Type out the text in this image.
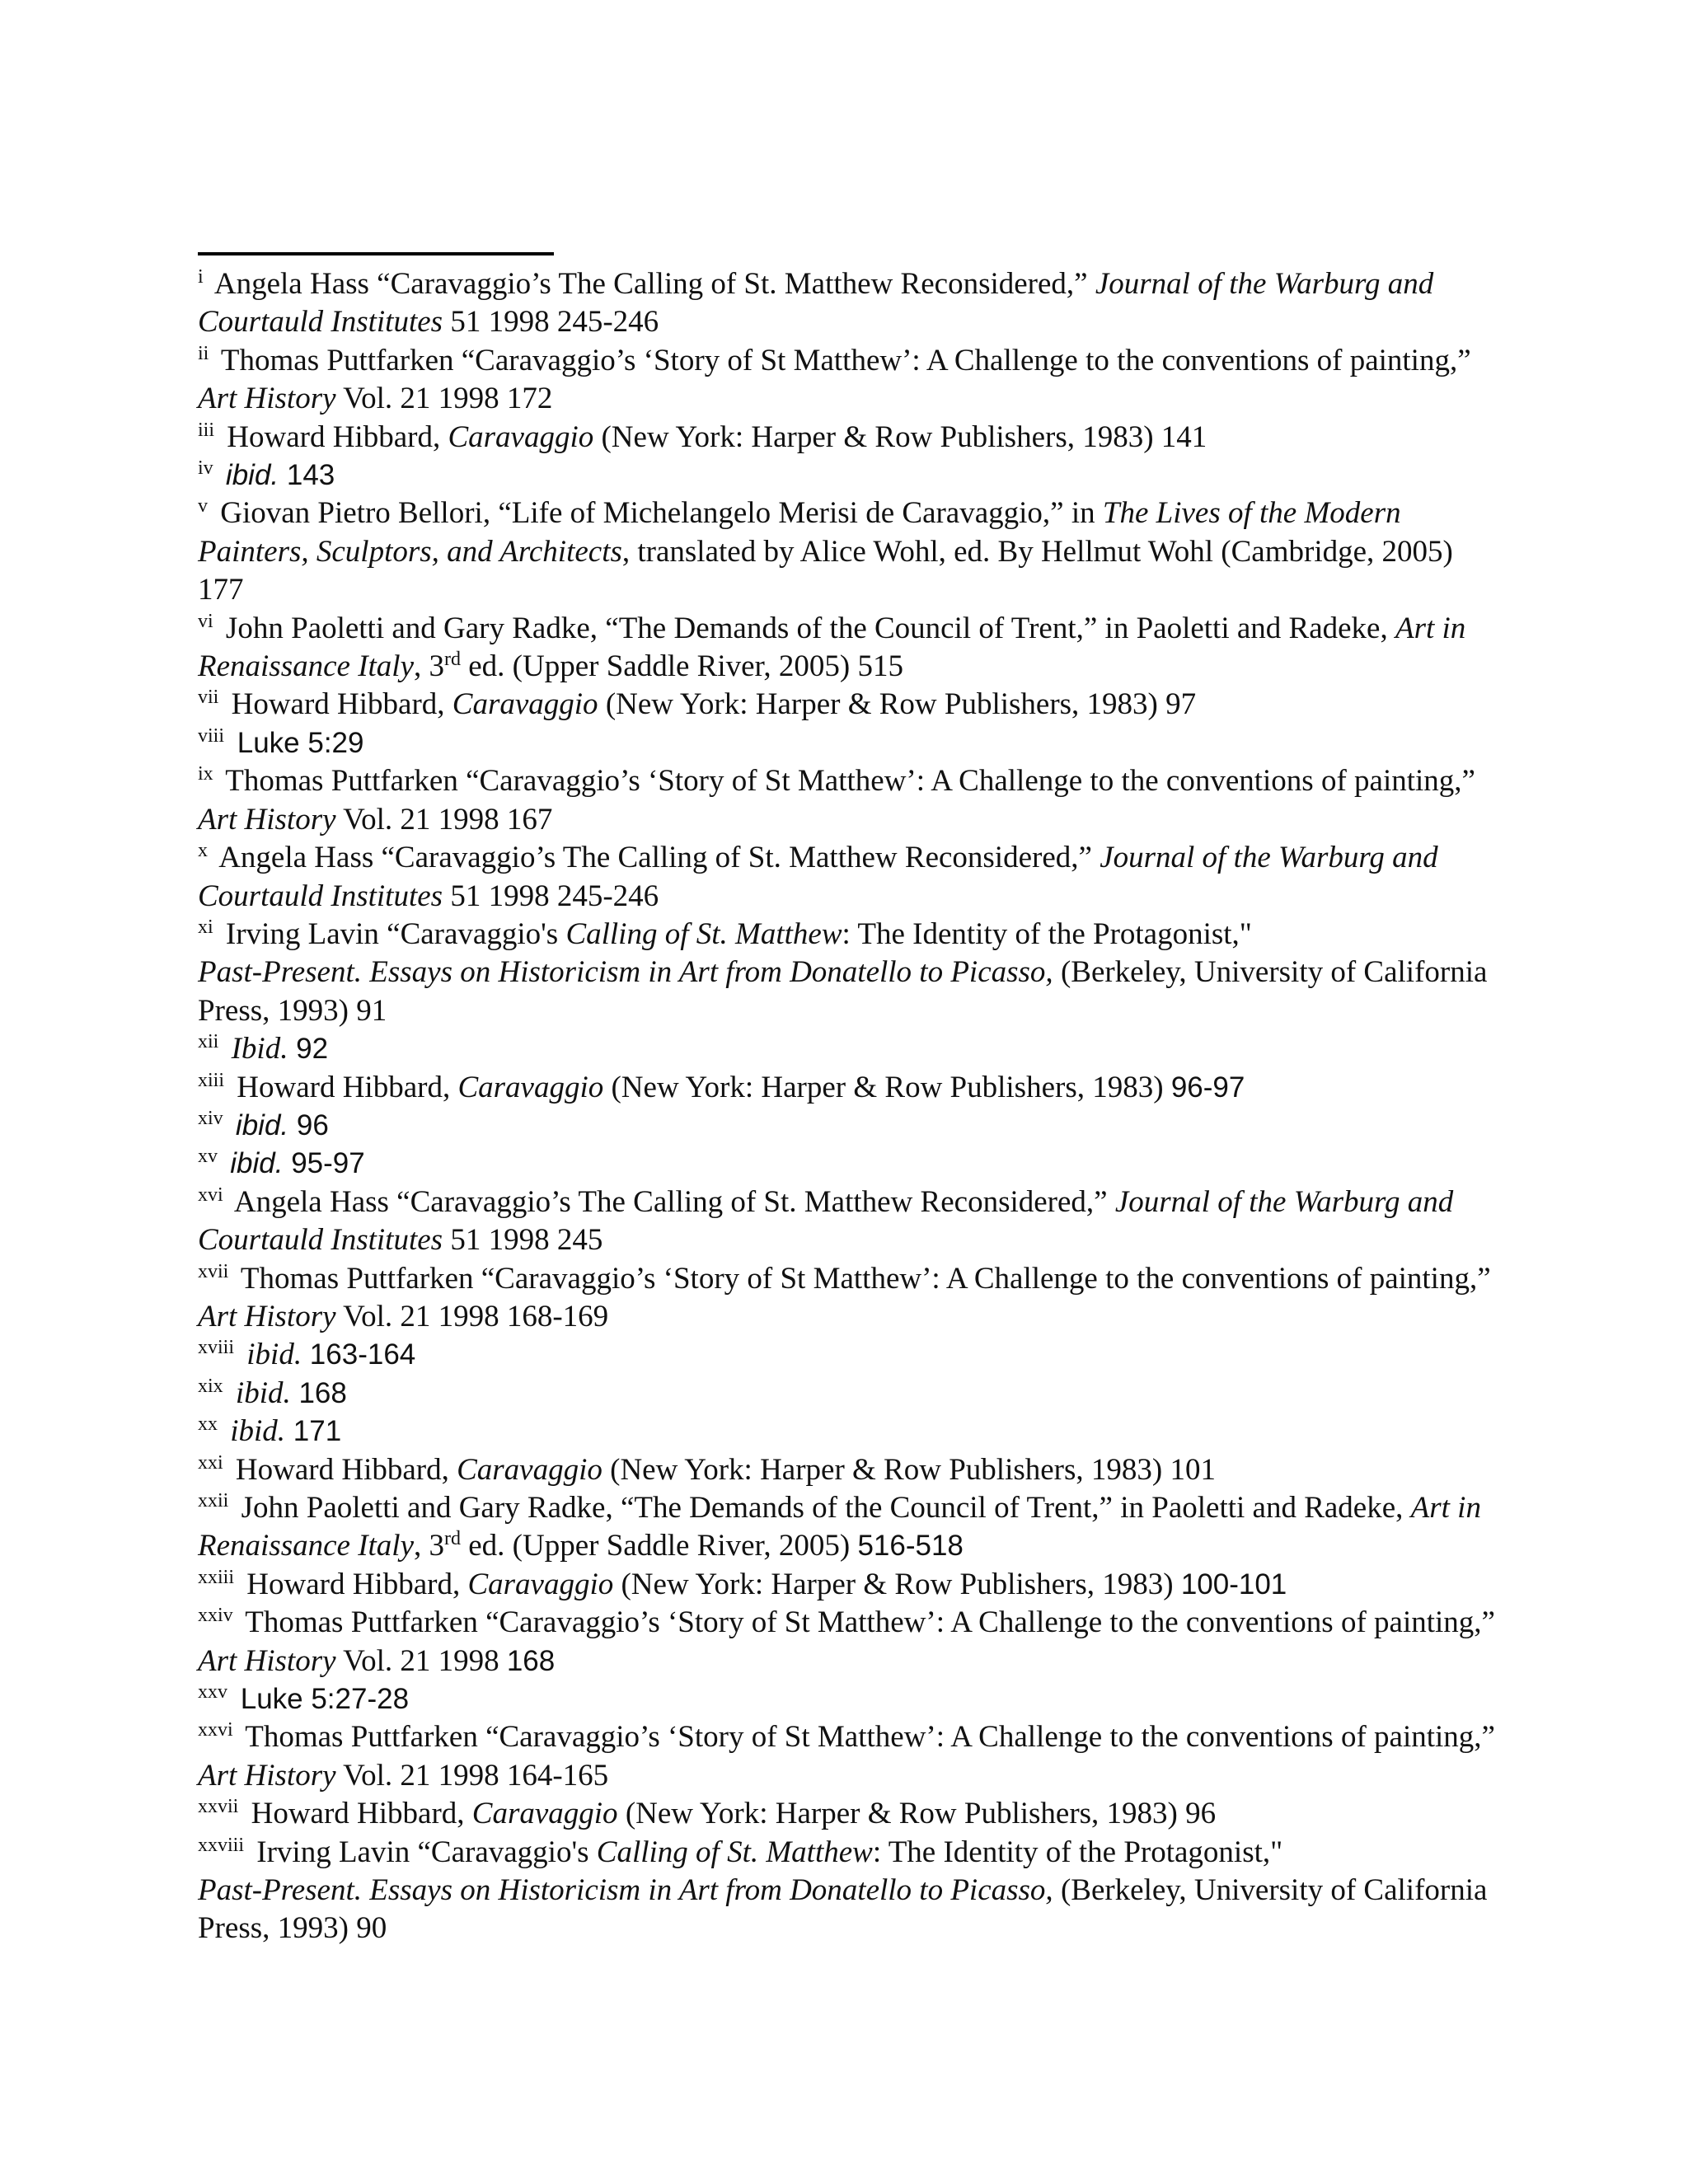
$^i$ Angela Hass “Caravaggio’s The Calling of St. Matthew Reconsidered,” Journal of the Warburg and Courtauld Institutes 51 1998 245-246

$^{ii}$ Thomas Puttfarken “Caravaggio’s ‘Story of St Matthew’: A Challenge to the conventions of painting,” Art History Vol. 21 1998 172

$^{iii}$ Howard Hibbard, Caravaggio (New York: Harper & Row Publishers, 1983) 141

$^{iv}$ ibid. 143

$^v$ Giovan Pietro Bellori, “Life of Michelangelo Merisi de Caravaggio,” in The Lives of the Modern Painters, Sculptors, and Architects, translated by Alice Wohl, ed. By Hellmut Wohl (Cambridge, 2005) 177

$^{vi}$ John Paoletti and Gary Radke, “The Demands of the Council of Trent,” in Paoletti and Radeke, Art in Renaissance Italy, 3rd ed. (Upper Saddle River, 2005) 515

$^{vii}$ Howard Hibbard, Caravaggio (New York: Harper & Row Publishers, 1983) 97

$^{viii}$ Luke 5:29

$^{ix}$ Thomas Puttfarken “Caravaggio’s ‘Story of St Matthew’: A Challenge to the conventions of painting,” Art History Vol. 21 1998 167

$^x$ Angela Hass “Caravaggio’s The Calling of St. Matthew Reconsidered,” Journal of the Warburg and Courtauld Institutes 51 1998 245-246

$^{xi}$ Irving Lavin “Caravaggio's Calling of St. Matthew: The Identity of the Protagonist,"
Past-Present. Essays on Historicism in Art from Donatello to Picasso, (Berkeley, University of California Press, 1993) 91

$^{xii}$ Ibid. 92

$^{xiii}$ Howard Hibbard, Caravaggio (New York: Harper & Row Publishers, 1983) 96-97

$^{xiv}$ ibid. 96

$^{xv}$ ibid. 95-97

$^{xvi}$ Angela Hass “Caravaggio’s The Calling of St. Matthew Reconsidered,” Journal of the Warburg and Courtauld Institutes 51 1998 245

$^{xvii}$ Thomas Puttfarken “Caravaggio’s ‘Story of St Matthew’: A Challenge to the conventions of painting,” Art History Vol. 21 1998 168-169

$^{xviii}$ ibid. 163-164

$^{xix}$ ibid. 168

$^{xx}$ ibid. 171

$^{xxi}$ Howard Hibbard, Caravaggio (New York: Harper & Row Publishers, 1983) 101

$^{xxii}$ John Paoletti and Gary Radke, “The Demands of the Council of Trent,” in Paoletti and Radeke, Art in Renaissance Italy, 3rd ed. (Upper Saddle River, 2005) 516-518

$^{xxiii}$ Howard Hibbard, Caravaggio (New York: Harper & Row Publishers, 1983) 100-101

$^{xxiv}$ Thomas Puttfarken “Caravaggio’s ‘Story of St Matthew’: A Challenge to the conventions of painting,” Art History Vol. 21 1998 168

$^{xxv}$ Luke 5:27-28

$^{xxvi}$ Thomas Puttfarken “Caravaggio’s ‘Story of St Matthew’: A Challenge to the conventions of painting,” Art History Vol. 21 1998 164-165

$^{xxvii}$ Howard Hibbard, Caravaggio (New York: Harper & Row Publishers, 1983) 96

$^{xxviii}$ Irving Lavin “Caravaggio's Calling of St. Matthew: The Identity of the Protagonist,"
Past-Present. Essays on Historicism in Art from Donatello to Picasso, (Berkeley, University of California Press, 1993) 90
